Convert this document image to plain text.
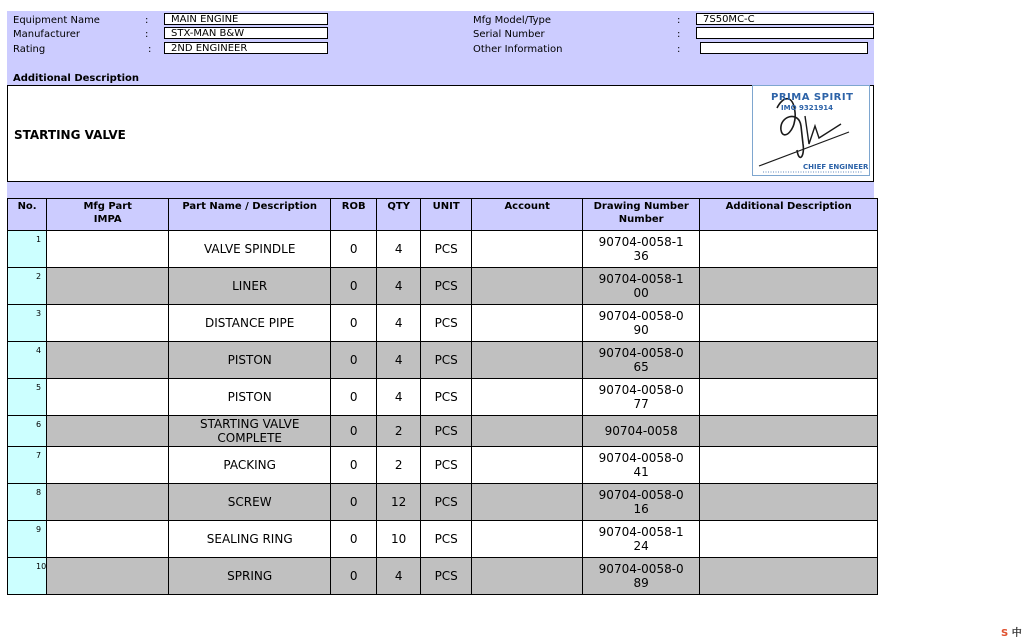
Equipment Name	:	MAIN ENGINE
Manufacturer	:	STX-MAN B&W
Rating	:	2ND ENGINEER
Mfg Model/Type	:	7S50MC-C
Serial Number	:
Other Information	:
Additional Description
STARTING VALVE
PRIMA SPIRIT
IMO 9321914
CHIEF ENGINEER
No.	Mfg Part IMPA	Part Name / Description	ROB	QTY	UNIT	Account	Drawing Number Number	Additional Description
1		VALVE SPINDLE	0	4	PCS		90704-0058-136	

2		LINER	0	4	PCS		90704-0058-100	

3		DISTANCE PIPE	0	4	PCS		90704-0058-090	

4		PISTON	0	4	PCS		90704-0058-065	

5		PISTON	0	4	PCS		90704-0058-077	

6		STARTING VALVE COMPLETE	0	2	PCS		90704-0058	

7		PACKING	0	2	PCS		90704-0058-041	

8		SCREW	0	12	PCS		90704-0058-016	

9		SEALING RING	0	10	PCS		90704-0058-124	

10		SPRING	0	4	PCS		90704-0058-089	

S 中
